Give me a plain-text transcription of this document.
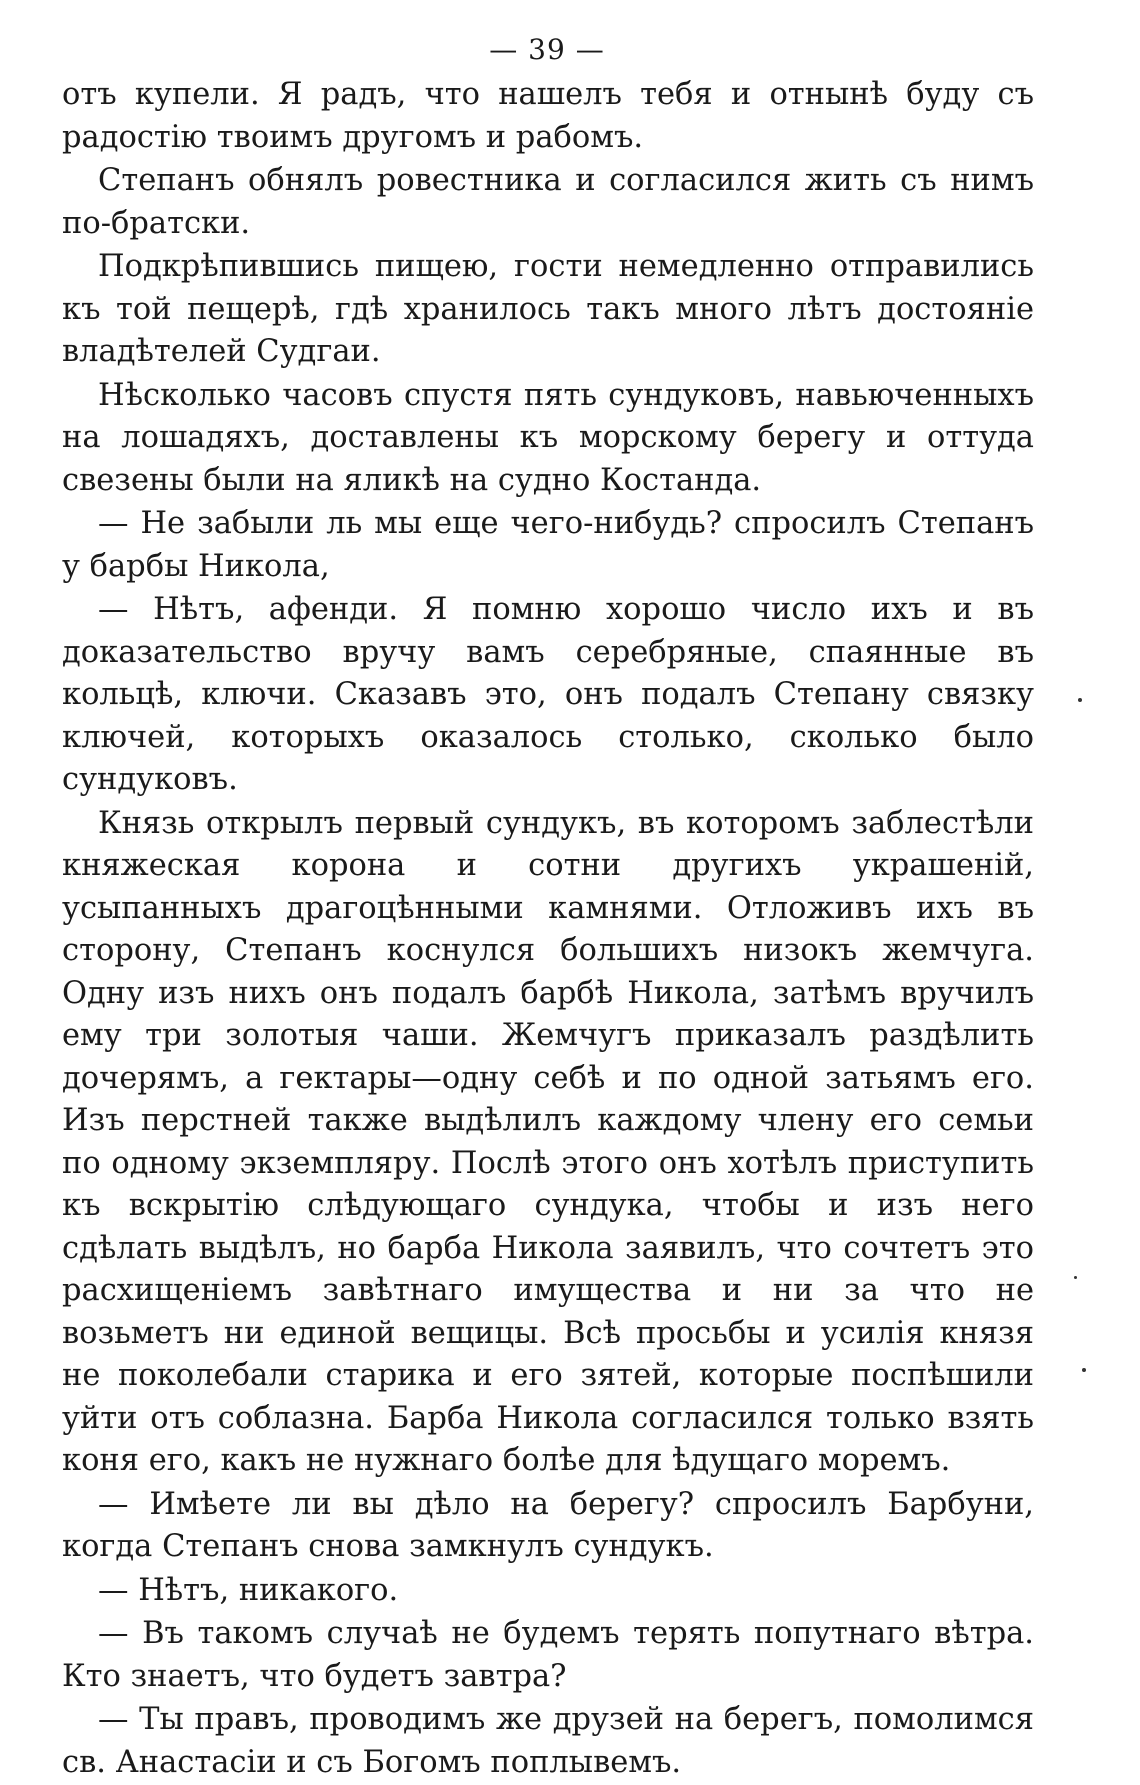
— 39 —

отъ купели. Я радъ, что нашелъ тебя и отнынѣ буду съ радостію твоимъ другомъ и рабомъ.

Степанъ обнялъ ровестника и согласился жить съ нимъ по-братски.

Подкрѣпившись пищею, гости немедленно отправились къ той пещерѣ, гдѣ хранилось такъ много лѣтъ достояніе владѣтелей Судгаи.

Нѣсколько часовъ спустя пять сундуковъ, навьюченныхъ на лошадяхъ, доставлены къ морскому берегу и оттуда свезены были на яликѣ на судно Костанда.

— Не забыли ль мы еще чего-нибудь? спросилъ Степанъ у барбы Никола,

— Нѣтъ, афенди. Я помню хорошо число ихъ и въ доказательство вручу вамъ серебряные, спаянные въ кольцѣ, ключи. Сказавъ это, онъ подалъ Степану связку ключей, которыхъ оказалось столько, сколько было сундуковъ.

Князь открылъ первый сундукъ, въ которомъ заблестѣли княжеская корона и сотни другихъ украшеній, усыпанныхъ драгоцѣнными камнями. Отложивъ ихъ въ сторону, Степанъ коснулся большихъ низокъ жемчуга. Одну изъ нихъ онъ подалъ барбѣ Никола, затѣмъ вручилъ ему три золотыя чаши. Жемчугъ приказалъ раздѣлить дочерямъ, а гектары—одну себѣ и по одной затьямъ его. Изъ перстней также выдѣлилъ каждому члену его семьи по одному экземпляру. Послѣ этого онъ хотѣлъ приступить къ вскрытію слѣдующаго сундука, чтобы и изъ него сдѣлать выдѣлъ, но барба Никола заявилъ, что сочтетъ это расхищеніемъ завѣтнаго имущества и ни за что не возьметъ ни единой вещицы. Всѣ просьбы и усилія князя не поколебали старика и его зятей, которые поспѣшили уйти отъ соблазна. Барба Никола согласился только взять коня его, какъ не нужнаго болѣе для ѣдущаго моремъ.

— Имѣете ли вы дѣло на берегу? спросилъ Барбуни, когда Степанъ снова замкнулъ сундукъ.

— Нѣтъ, никакого.

— Въ такомъ случаѣ не будемъ терять попутнаго вѣтра. Кто знаетъ, что будетъ завтра?

— Ты правъ, проводимъ же друзей на берегъ, помолимся св. Анастасіи и съ Богомъ поплывемъ.
